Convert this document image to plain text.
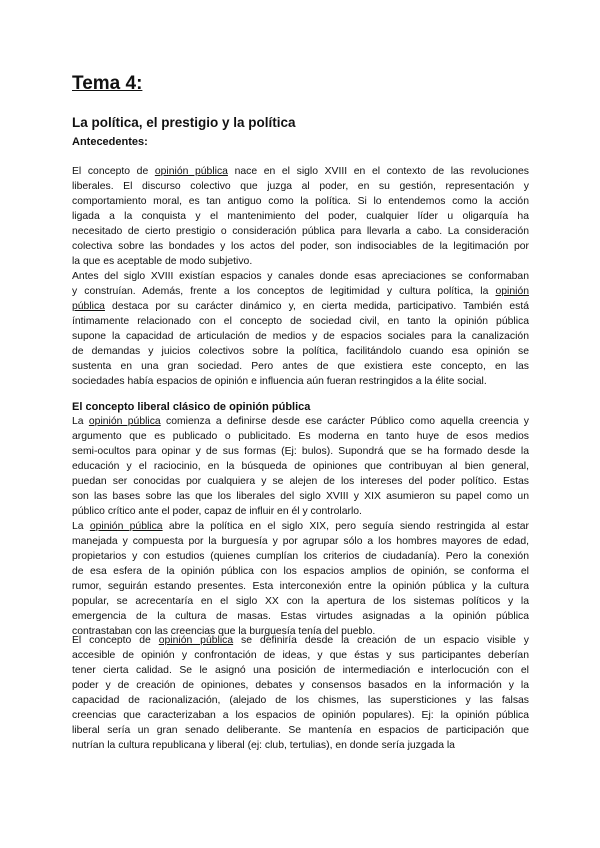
Tema 4:
La política, el prestigio y la política
Antecedentes:
El concepto de opinión pública nace en el siglo XVIII en el contexto de las revoluciones
liberales. El discurso colectivo que juzga al poder, en su gestión, representación y
comportamiento moral, es tan antiguo como la política. Si lo entendemos como la acción
ligada a la conquista y el mantenimiento del poder, cualquier líder u oligarquía ha
necesitado de cierto prestigio o consideración pública para llevarla a cabo. La consideración
colectiva sobre las bondades y los actos del poder, son indisociables de la legitimación por
la que es aceptable de modo subjetivo.
Antes del siglo XVIII existían espacios y canales donde esas apreciaciones se conformaban
y construían. Además, frente a los conceptos de legitimidad y cultura política, la opinión
pública destaca por su carácter dinámico y, en cierta medida, participativo. También está
íntimamente relacionado con el concepto de sociedad civil, en tanto la opinión pública
supone la capacidad de articulación de medios y de espacios sociales para la canalización
de demandas y juicios colectivos sobre la política, facilitándolo cuando esa opinión se
sustenta en una gran sociedad. Pero antes de que existiera este concepto, en las
sociedades había espacios de opinión e influencia aún fueran restringidos a la élite social.
El concepto liberal clásico de opinión pública
La opinión pública comienza a definirse desde ese carácter Público como aquella creencia y
argumento que es publicado o publicitado. Es moderna en tanto huye de esos medios
semi-ocultos para opinar y de sus formas (Ej: bulos). Supondrá que se ha formado desde la
educación y el raciocinio, en la búsqueda de opiniones que contribuyan al bien general,
puedan ser conocidas por cualquiera y se alejen de los intereses del poder político. Estas
son las bases sobre las que los liberales del siglo XVIII y XIX asumieron su papel como un
público crítico ante el poder, capaz de influir en él y controlarlo.
La opinión pública abre la política en el siglo XIX, pero seguía siendo restringida al estar
manejada y compuesta por la burguesía y por agrupar sólo a los hombres mayores de edad,
propietarios y con estudios (quienes cumplían los criterios de ciudadanía). Pero la conexión
de esa esfera de la opinión pública con los espacios amplios de opinión, se conforma el
rumor, seguirán estando presentes. Esta interconexión entre la opinión pública y la cultura
popular, se acrecentaría en el siglo XX con la apertura de los sistemas políticos y la
emergencia de la cultura de masas. Estas virtudes asignadas a la opinión pública
contrastaban con las creencias que la burguesía tenía del pueblo.
El concepto de opinión pública se definiría desde la creación de un espacio visible y
accesible de opinión y confrontación de ideas, y que éstas y sus participantes deberían
tener cierta calidad. Se le asignó una posición de intermediación e interlocución con el
poder y de creación de opiniones, debates y consensos basados en la información y la
capacidad de racionalización, (alejado de los chismes, las supersticiones y las falsas
creencias que caracterizaban a los espacios de opinión populares). Ej: la opinión pública
liberal sería un gran senado deliberante. Se mantenía en espacios de participación que
nutrían la cultura republicana y liberal (ej: club, tertulias), en donde sería juzgada la
